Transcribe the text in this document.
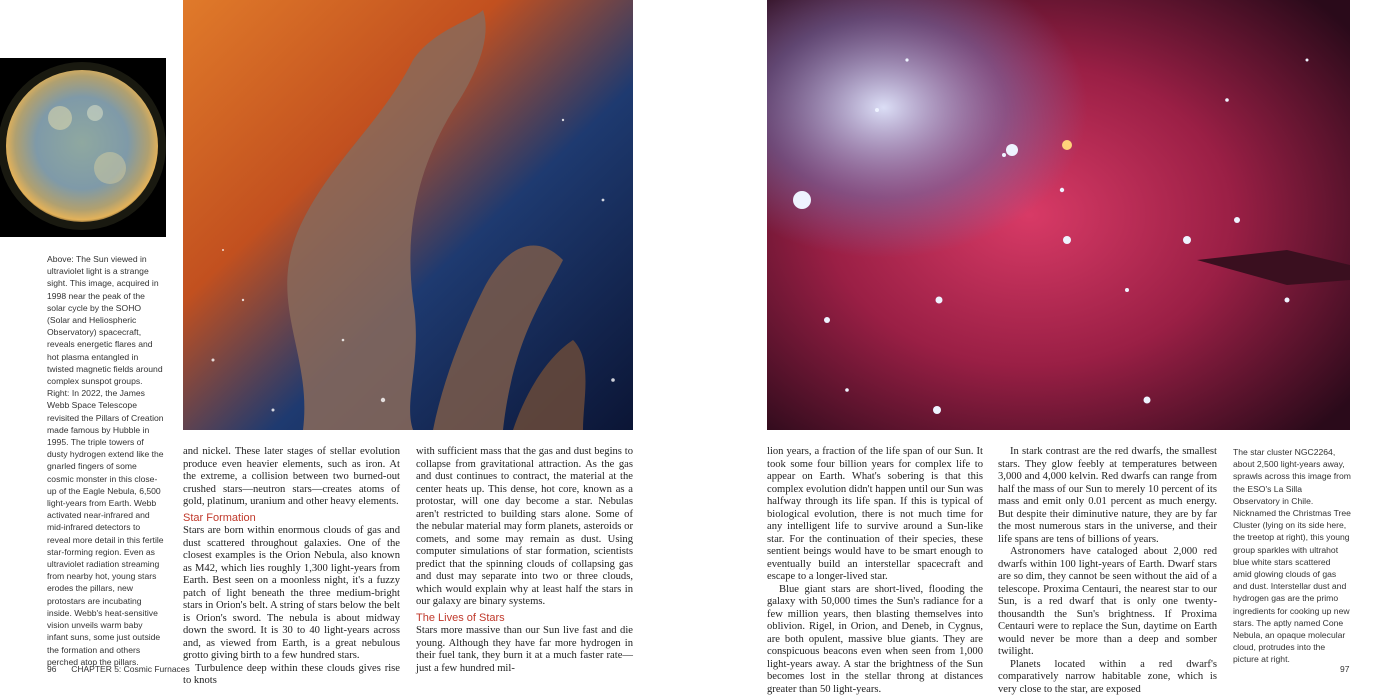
Above: The Sun viewed in ultraviolet light is a strange sight. This image, acquired in 1998 near the peak of the solar cycle by the SOHO (Solar and Heliospheric Observatory) spacecraft, reveals energetic flares and hot plasma entangled in twisted magnetic fields around complex sunspot groups. Right: In 2022, the James Webb Space Telescope revisited the Pillars of Creation made famous by Hubble in 1995. The triple towers of dusty hydrogen extend like the gnarled fingers of some cosmic monster in this close-up of the Eagle Nebula, 6,500 light-years from Earth. Webb activated near-infrared and mid-infrared detectors to reveal more detail in this fertile star-forming region. Even as ultraviolet radiation streaming from nearby hot, young stars erodes the pillars, new protostars are incubating inside. Webb's heat-sensitive vision unveils warm baby infant suns, some just outside the formation and others perched atop the pillars.

and nickel. These later stages of stellar evolution produce even heavier elements, such as iron. At the extreme, a collision between two burned-out crushed stars—neutron stars—creates atoms of gold, platinum, uranium and other heavy elements.

Star Formation

Stars are born within enormous clouds of gas and dust scattered throughout galaxies. One of the closest examples is the Orion Nebula, also known as M42, which lies roughly 1,300 light-years from Earth. Best seen on a moonless night, it's a fuzzy patch of light beneath the three medium-bright stars in Orion's belt. A string of stars below the belt is Orion's sword. The nebula is about midway down the sword. It is 30 to 40 light-years across and, as viewed from Earth, is a great nebulous grotto giving birth to a few hundred stars.

Turbulence deep within these clouds gives rise to knots

with sufficient mass that the gas and dust begins to collapse from gravitational attraction. As the gas and dust continues to contract, the material at the center heats up. This dense, hot core, known as a protostar, will one day become a star. Nebulas aren't restricted to building stars alone. Some of the nebular material may form planets, asteroids or comets, and some may remain as dust. Using computer simulations of star formation, scientists predict that the spinning clouds of collapsing gas and dust may separate into two or three clouds, which would explain why at least half the stars in our galaxy are binary systems.

The Lives of Stars

Stars more massive than our Sun live fast and die young. Although they have far more hydrogen in their fuel tank, they burn it at a much faster rate—just a few hundred mil-

96 CHAPTER 5: Cosmic Furnaces

lion years, a fraction of the life span of our Sun. It took some four billion years for complex life to appear on Earth. What's sobering is that this complex evolution didn't happen until our Sun was halfway through its life span. If this is typical of biological evolution, there is not much time for any intelligent life to survive around a Sun-like star. For the continuation of their species, these sentient beings would have to be smart enough to eventually build an interstellar spacecraft and escape to a longer-lived star.

Blue giant stars are short-lived, flooding the galaxy with 50,000 times the Sun's radiance for a few million years, then blasting themselves into oblivion. Rigel, in Orion, and Deneb, in Cygnus, are both opulent, massive blue giants. They are conspicuous beacons even when seen from 1,000 light-years away. A star the brightness of the Sun becomes lost in the stellar throng at distances greater than 50 light-years.

In stark contrast are the red dwarfs, the smallest stars. They glow feebly at temperatures between 3,000 and 4,000 kelvin. Red dwarfs can range from half the mass of our Sun to merely 10 percent of its mass and emit only 0.01 percent as much energy. But despite their diminutive nature, they are by far the most numerous stars in the universe, and their life spans are tens of billions of years.

Astronomers have cataloged about 2,000 red dwarfs within 100 light-years of Earth. Dwarf stars are so dim, they cannot be seen without the aid of a telescope. Proxima Centauri, the nearest star to our Sun, is a red dwarf that is only one twenty-thousandth the Sun's brightness. If Proxima Centauri were to replace the Sun, daytime on Earth would never be more than a deep and somber twilight.

Planets located within a red dwarf's comparatively narrow habitable zone, which is very close to the star, are exposed

The star cluster NGC2264, about 2,500 light-years away, sprawls across this image from the ESO's La Silla Observatory in Chile. Nicknamed the Christmas Tree Cluster (lying on its side here, the treetop at right), this young group sparkles with ultrahot blue white stars scattered amid glowing clouds of gas and dust. Interstellar dust and hydrogen gas are the primo ingredients for cooking up new stars. The aptly named Cone Nebula, an opaque molecular cloud, protrudes into the picture at right.
97
